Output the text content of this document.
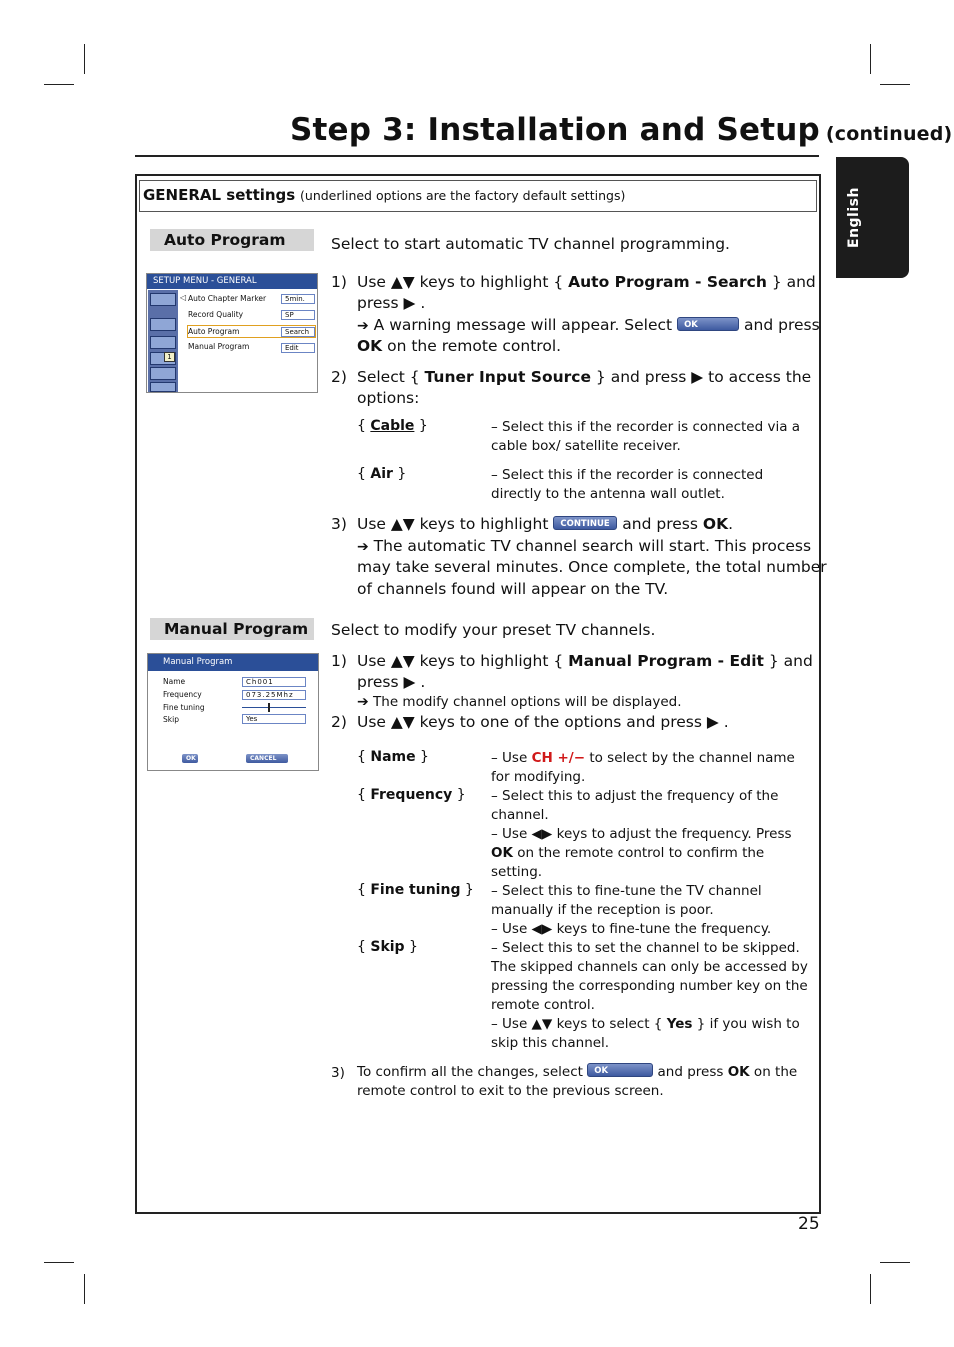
Step 3: Installation and Setup (continued)
English
GENERAL settings (underlined options are the factory default settings)
Auto Program	Select to start automatic TV channel programming.
SETUP MENU - GENERAL
1
◁ Auto Chapter Marker	5min.
Record Quality	SP
Auto Program	Search
Manual Program	Edit
1) Use ▲▼ keys to highlight { Auto Program - Search } and
press ▶ .
➔ A warning message will appear. Select OK	and press
OK on the remote control.
2) Select { Tuner Input Source } and press ▶ to access the
options:
{ Cable }	– Select this if the recorder is connected via a cable box/ satellite receiver.
{ Air }	– Select this if the recorder is connected directly to the antenna wall outlet.
3) Use ▲▼ keys to highlight CONTINUE and press OK.
➔ The automatic TV channel search will start. This process
may take several minutes. Once complete, the total number
of channels found will appear on the TV.
Manual Program	Select to modify your preset TV channels.
Manual Program
Name	Ch001
Frequency	073.25Mhz
Fine tuning
Skip	Yes
OK	CANCEL
1) Use ▲▼ keys to highlight { Manual Program - Edit } and
press ▶ .
➔ The modify channel options will be displayed.
2) Use ▲▼ keys to one of the options and press ▶ .
{ Name }	– Use CH +/− to select by the channel name
for modifying.
{ Frequency } – Select this to adjust the frequency of the
channel.
– Use ◀▶ keys to adjust the frequency. Press
OK on the remote control to confirm the
setting.
{ Fine tuning } – Select this to fine-tune the TV channel
manually if the reception is poor.
– Use ◀▶ keys to fine-tune the frequency.
{ Skip }	– Select this to set the channel to be skipped.
The skipped channels can only be accessed by
pressing the corresponding number key on the
remote control.
– Use ▲▼ keys to select { Yes } if you wish to
skip this channel.
3) To confirm all the changes, select OK	and press OK on the
remote control to exit to the previous screen.
25
